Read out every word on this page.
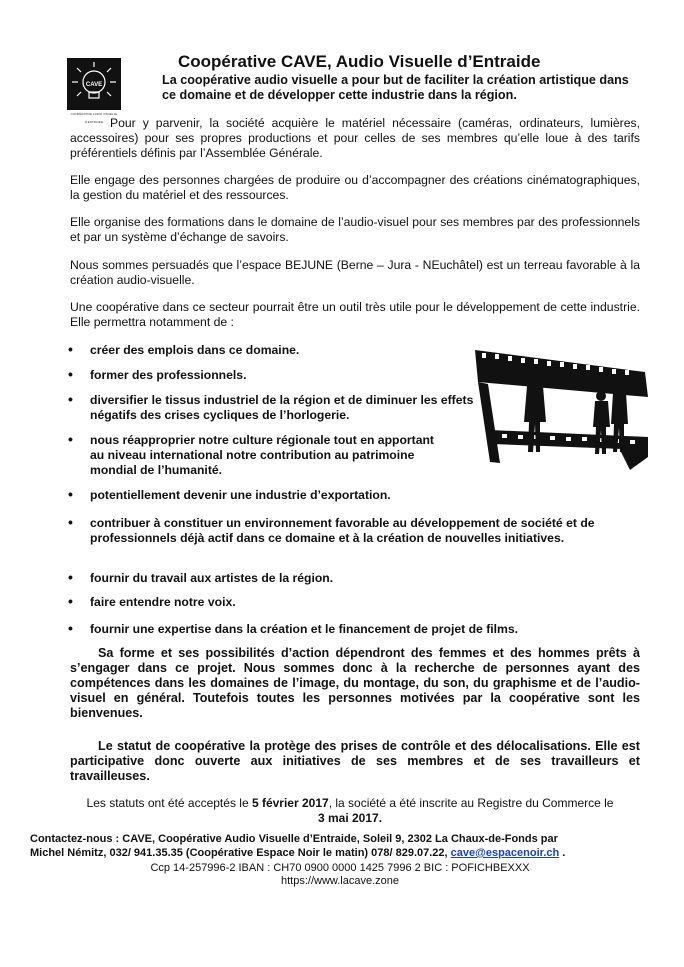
CAVE
COOPÉRATIVE AUDIO VISUELLE D'ENTRAIDE
Coopérative CAVE, Audio Visuelle d’Entraide
La coopérative audio visuelle a pour but de faciliter la création artistique dans ce domaine et de développer cette industrie dans la région.

Pour y parvenir, la société acquière le matériel nécessaire (caméras, ordinateurs, lumières, accessoires) pour ses propres productions et pour celles de ses membres qu’elle loue à des tarifs préférentiels définis par l’Assemblée Générale.

Elle engage des personnes chargées de produire ou d’accompagner des créations cinématographiques, la gestion du matériel et des ressources.

Elle organise des formations dans le domaine de l’audio-visuel pour ses membres par des professionnels et par un système d’échange de savoirs.

Nous sommes persuadés que l’espace BEJUNE (Berne – Jura - NEuchâtel) est un terreau favorable à la création audio-visuelle.

Une coopérative dans ce secteur pourrait être un outil très utile pour le développement de cette industrie. Elle permettra notamment de :

• créer des emplois dans ce domaine.
• former des professionnels.
• diversifier le tissus industriel de la région et de diminuer les effets négatifs des crises cycliques de l’horlogerie.
• nous réapproprier notre culture régionale tout en apportant au niveau international notre contribution au patrimoine mondial de l’humanité.
• potentiellement devenir une industrie d’exportation.
• contribuer à constituer un environnement favorable au développement de société et de professionnels déjà actif dans ce domaine et à la création de nouvelles initiatives.
• fournir du travail aux artistes de la région.
• faire entendre notre voix.
• fournir une expertise dans la création et le financement de projet de films.

Sa forme et ses possibilités d’action dépendront des femmes et des hommes prêts à s’engager dans ce projet. Nous sommes donc à la recherche de personnes ayant des compétences dans les domaines de l’image, du montage, du son, du graphisme et de l’audio-visuel en général. Toutefois toutes les personnes motivées par la coopérative sont les bienvenues.

Le statut de coopérative la protège des prises de contrôle et des délocalisations. Elle est participative donc ouverte aux initiatives de ses membres et de ses travailleurs et travailleuses.

Les statuts ont été acceptés le 5 février 2017, la société a été inscrite au Registre du Commerce le
3 mai 2017.

Contactez-nous : CAVE, Coopérative Audio Visuelle d’Entraide, Soleil 9, 2302 La Chaux-de-Fonds par
Michel Némitz, 032/ 941.35.35 (Coopérative Espace Noir le matin) 078/ 829.07.22, cave@espacenoir.ch .
Ccp 14-257996-2 IBAN : CH70 0900 0000 1425 7996 2 BIC : POFICHBEXXX
https://www.lacave.zone
